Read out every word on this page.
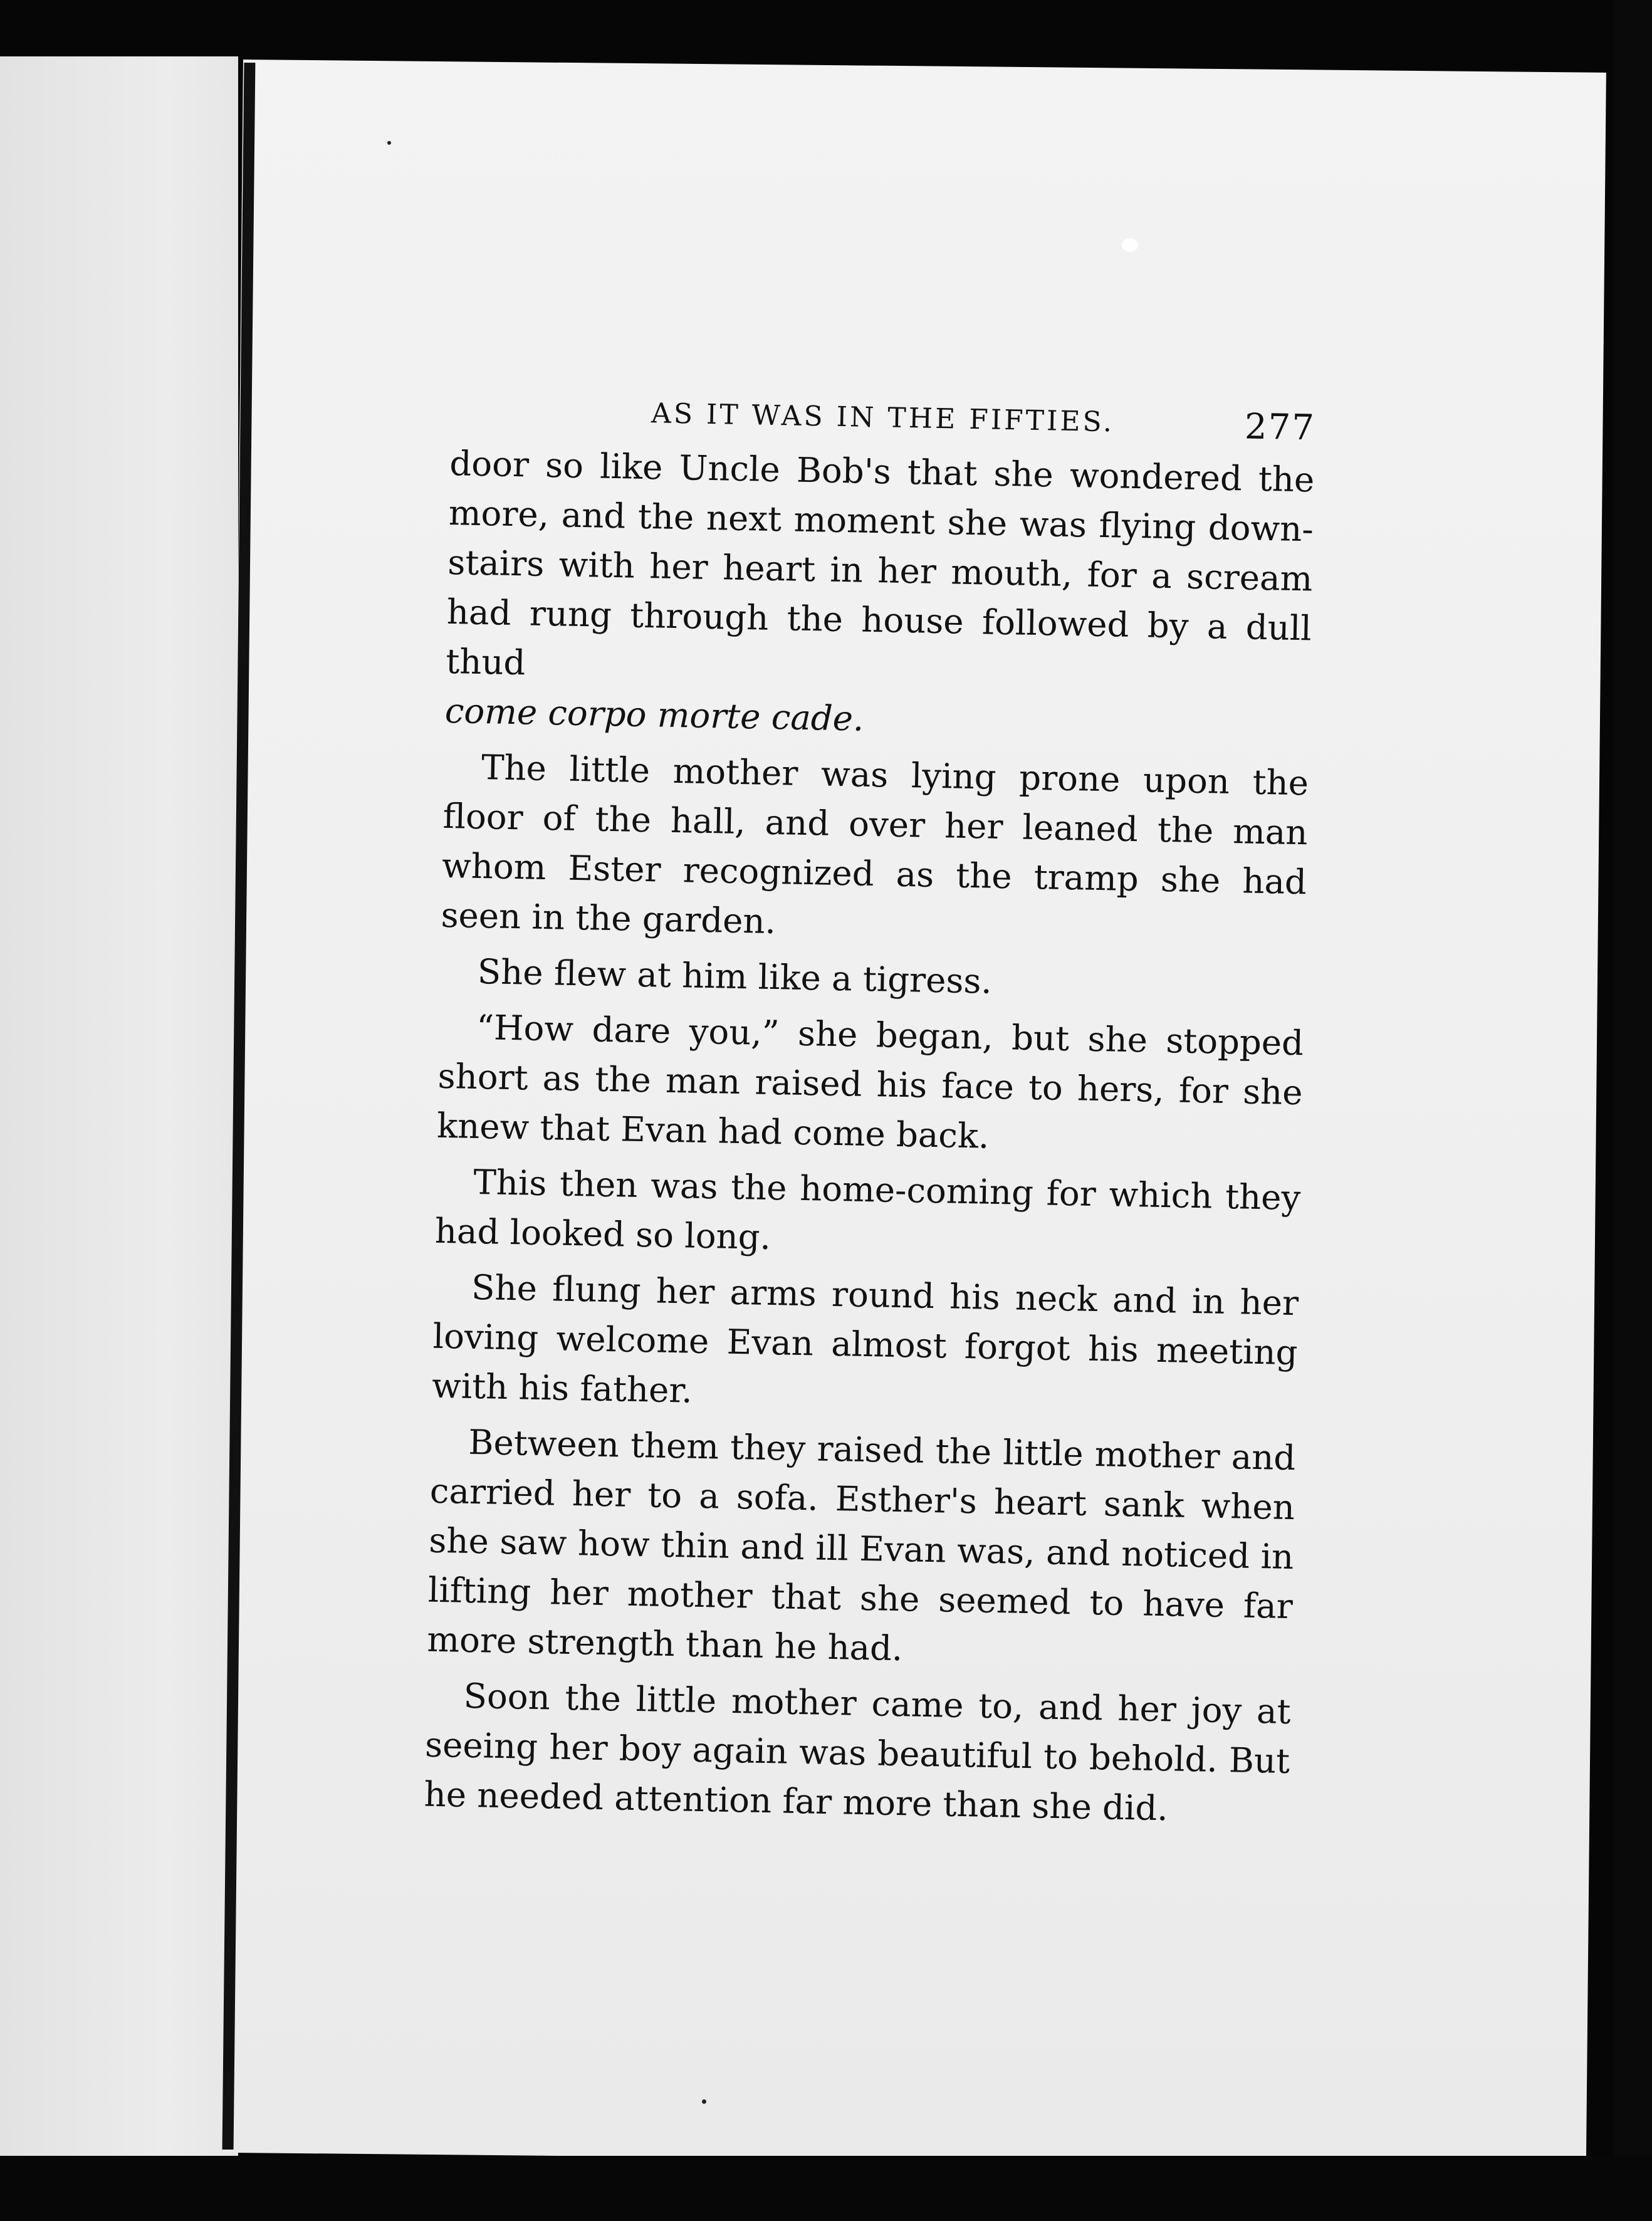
AS IT WAS IN THE FIFTIES.	277

door so like Uncle Bob's that she wondered the more, and the next moment she was flying down-stairs with her heart in her mouth, for a scream had rung through the house followed by a dull thud
come corpo morte cade.

The little mother was lying prone upon the floor of the hall, and over her leaned the man whom Ester recognized as the tramp she had seen in the garden.

She flew at him like a tigress.

“How dare you,” she began, but she stopped short as the man raised his face to hers, for she knew that Evan had come back.

This then was the home-coming for which they had looked so long.

She flung her arms round his neck and in her loving welcome Evan almost forgot his meeting with his father.

Between them they raised the little mother and carried her to a sofa. Esther's heart sank when she saw how thin and ill Evan was, and noticed in lifting her mother that she seemed to have far more strength than he had.

Soon the little mother came to, and her joy at seeing her boy again was beautiful to behold. But he needed attention far more than she did.
